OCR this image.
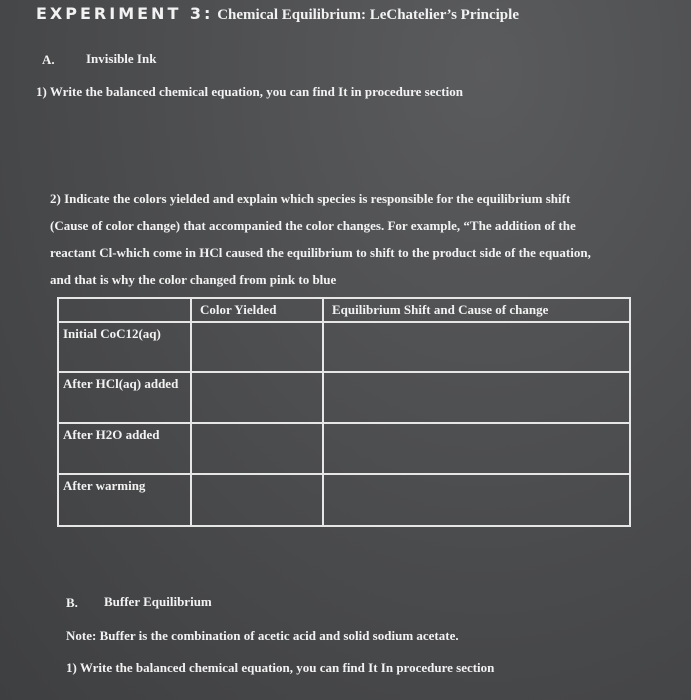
EXPERIMENT 3: Chemical Equilibrium: LeChatelier’s Principle
A. Invisible Ink
1) Write the balanced chemical equation, you can find It in procedure section
2) Indicate the colors yielded and explain which species is responsible for the equilibrium shift
(Cause of color change) that accompanied the color changes. For example, “The addition of the
reactant Cl-which come in HCl caused the equilibrium to shift to the product side of the equation,
and that is why the color changed from pink to blue
	Color Yielded	Equilibrium Shift and Cause of change
Initial CoC12(aq)		
After HCl(aq) added		
After H2O added		
After warming		
B. Buffer Equilibrium
Note: Buffer is the combination of acetic acid and solid sodium acetate.
1) Write the balanced chemical equation, you can find It In procedure section
